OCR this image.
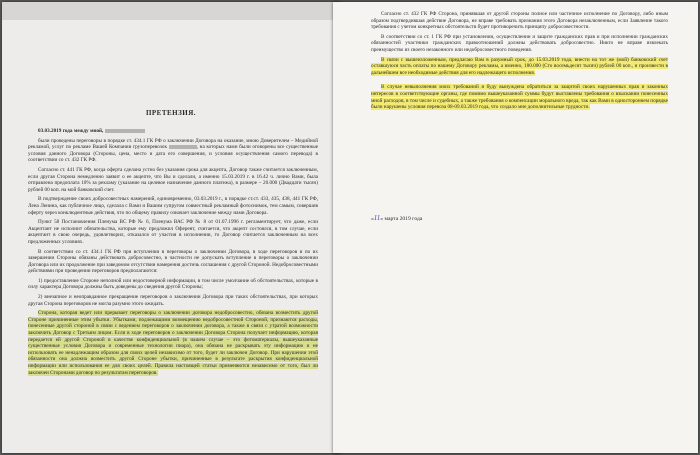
ПРЕТЕНЗИЯ.

03.03.2019 года между мной,

были проведены переговоры в порядке ст. 434.1 ГК РФ о заключении Договора на оказание, мною Доверителем – Медийной рекламой, услуг по рекламе Вашей Компании грузоперевозок	, на которых нами были оговорены все существенные условия данного Договора (Стороны, цена, место и дата его совершения, и условия осуществления самого перевода) в соответствии со ст. 432 ГК РФ.

Согласно ст. 441 ГК РФ, когда оферта сделана устно без указания срока для акцепта, Договор также считается заключенным, если другая Сторона немедленно заявит о ее акцепте, что Вы и сделали, а именно 15.03.2019 г. в 16.42 ч. лично Вами, была отправлена предоплата 10% за рекламу (указание на целевое назначение данного платежа), в размере – 20.000 (Двадцати тысяч) рублей 00 коп. на мой банковский счет.

В подтверждение своих добросовестных намерений, единовременно, 03.03.2019 г., в порядке ст.ст. 433, 435, 438, 441 ГК РФ, Лена Ленина, как публичное лицо, сделала с Вами и Вашим супругом совместный рекламный фотоснимок, тем самым, совершив оферту через конклюдентные действия, что по общему правилу означает заключение между нами Договора.

Пункт 58 Постановления Пленума ВС РФ № 6, Пленума ВАС РФ № 8 от 01.07.1996 г. регламентирует, что даже, если Акцептант не исполнит обязательства, которые ему предложил Оферент, считается, что акцепт состоялся, в том случае, если акцептант в свою очередь, удовлетворил, отказался от участия в исполнении, то Договор считается заключенным на всех предложенных условиях.

В соответствии со ст. 434.1 ГК РФ при вступлении в переговоры о заключении Договора, в ходе переговоров и по их завершении Стороны обязаны действовать добросовестно, в частности не допускать вступление в переговоры о заключении Договора или их продолжение при заведомом отсутствии намерения достичь соглашения с другой Стороной. Недобросовестными действиями при проведении переговоров предполагаются:

1) предоставление Стороне неполной или недостоверной информации, в том числе умолчание об обстоятельствах, которые в силу характера Договора должны быть доведены до сведения другой Стороны;

2) внезапное и неоправданное прекращение переговоров о заключении Договора при таких обстоятельствах, при которых другая Сторона переговоров не могла разумно этого ожидать.

Сторона, которая ведет или прерывает переговоры о заключении договора недобросовестно, обязана возместить другой Стороне причиненные этим убытки. Убытками, подлежащими возмещению недобросовестной Стороной, признаются расходы, понесенные другой стороной в связи с ведением переговоров о заключении договора, а также в связи с утратой возможности заключить Договор с Третьим лицом. Если в ходе переговоров о заключении Договора Сторона получает информацию, которая передается ей другой Стороной в качестве конфиденциальной (в нашем случае – это фотоматериалы, вышеуказанные существенные условия Договора и современные технологии пиара), она обязана не раскрывать эту информацию и не использовать ее ненадлежащим образом для своих целей независимо от того, будет ли заключен Договор. При нарушении этой обязанности она должна возместить другой Стороне убытки, причиненные в результате раскрытия конфиденциальной информации или использования ее для своих целей. Правила настоящей статьи применяются независимо от того, был ли заключен Сторонами договор по результатам переговоров.

Согласно ст. 432 ГК РФ Сторона, принявшая от другой стороны полное или частичное исполнение по Договору, либо иным образом подтвердившая действие Договора, не вправе требовать признания этого Договора незаключенным, если Заявление такого требования с учетом конкретных обстоятельств будет противоречить принципу добросовестности.

В соответствии со ст. 1 ГК РФ при установлении, осуществлении и защите гражданских прав и при исполнении гражданских обязанностей участники гражданских правоотношений должны действовать добросовестно. Никто не вправе извлекать преимущество из своего незаконного или недобросовестного поведения.

В связи с вышеизложенным, предлагаю Вам в разумный срок, до 15.03.2019 года, внести на тот же (мой) банковский счет оставшуюся часть оплаты по нашему Договору рекламы, а именно, 180.000 (Сто восемьдесят тысяч) рублей 00 коп., и произвести в дальнейшем все необходимые действия для его надлежащего исполнения.

В случае невыполнения моих требований я буду вынуждена обратиться за защитой своих нарушенных прав и законных интересов в соответствующие органы, где помимо вышеуказанной суммы будут выставлены требования о взыскании понесенных мной расходов, в том числе и судебных, а также требования о компенсации морального вреда, так как Вами в одностороннем порядке были нарушены условия перевоза 08-09.03.2019 года, что создало мне дополнительные трудности.

«11» марта 2019 года
